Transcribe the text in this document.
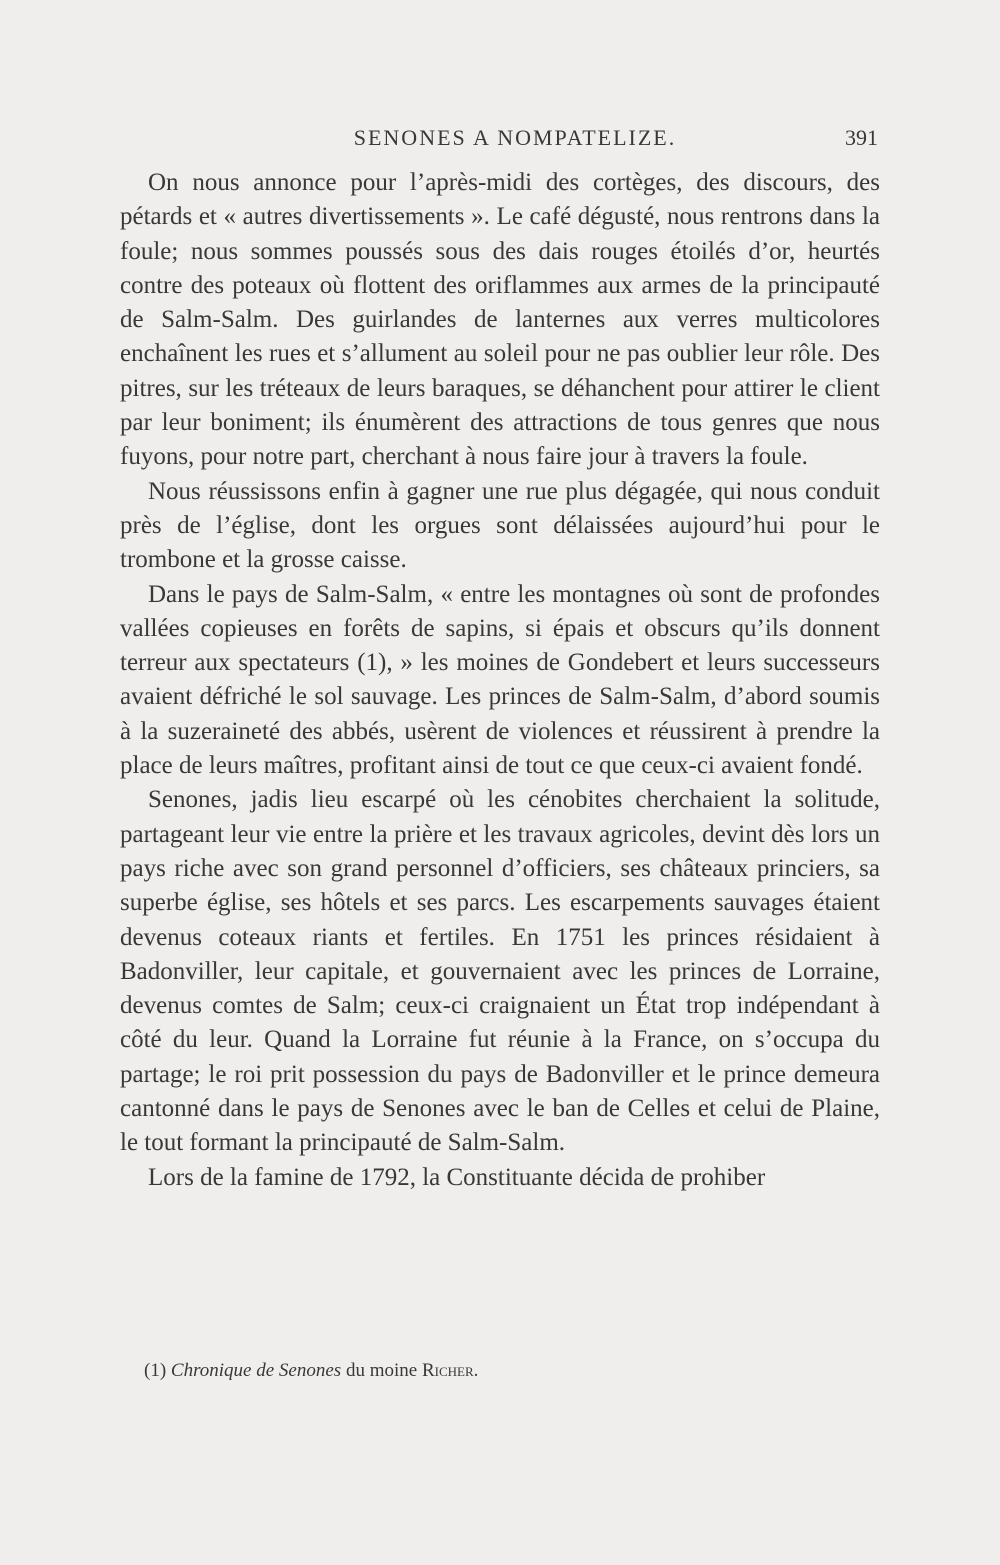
SENONES A NOMPATELIZE.	391

On nous annonce pour l’après-midi des cortèges, des discours, des pétards et « autres divertissements ». Le café dégusté, nous rentrons dans la foule; nous sommes poussés sous des dais rouges étoilés d’or, heurtés contre des poteaux où flottent des oriflammes aux armes de la principauté de Salm-Salm. Des guirlandes de lanternes aux verres multicolores enchaînent les rues et s’allument au soleil pour ne pas oublier leur rôle. Des pitres, sur les tréteaux de leurs baraques, se déhanchent pour attirer le client par leur boniment; ils énumèrent des attractions de tous genres que nous fuyons, pour notre part, cherchant à nous faire jour à travers la foule.

Nous réussissons enfin à gagner une rue plus dégagée, qui nous conduit près de l’église, dont les orgues sont délaissées aujourd’hui pour le trombone et la grosse caisse.

Dans le pays de Salm-Salm, « entre les montagnes où sont de profondes vallées copieuses en forêts de sapins, si épais et obscurs qu’ils donnent terreur aux spectateurs (1), » les moines de Gondebert et leurs successeurs avaient défriché le sol sauvage. Les princes de Salm-Salm, d’abord soumis à la suzeraineté des abbés, usèrent de violences et réussirent à prendre la place de leurs maîtres, profitant ainsi de tout ce que ceux-ci avaient fondé.

Senones, jadis lieu escarpé où les cénobites cherchaient la solitude, partageant leur vie entre la prière et les travaux agricoles, devint dès lors un pays riche avec son grand personnel d’officiers, ses châteaux princiers, sa superbe église, ses hôtels et ses parcs. Les escarpements sauvages étaient devenus coteaux riants et fertiles. En 1751 les princes résidaient à Badonviller, leur capitale, et gouvernaient avec les princes de Lorraine, devenus comtes de Salm; ceux-ci craignaient un État trop indépendant à côté du leur. Quand la Lorraine fut réunie à la France, on s’occupa du partage; le roi prit possession du pays de Badonviller et le prince demeura cantonné dans le pays de Senones avec le ban de Celles et celui de Plaine, le tout formant la principauté de Salm-Salm.

Lors de la famine de 1792, la Constituante décida de prohiber

(1) Chronique de Senones du moine Richer.
